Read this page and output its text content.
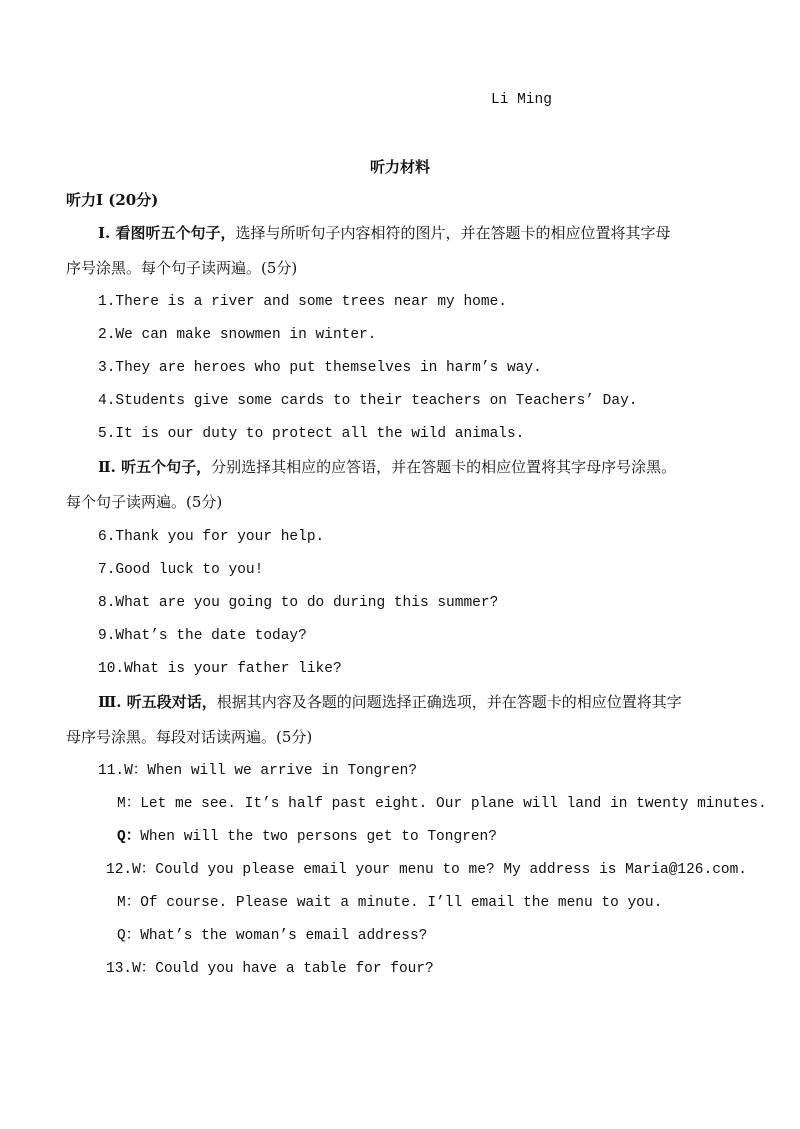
Li Ming
听力材料
听力Ⅰ (20分)
Ⅰ. 看图听五个句子，选择与所听句子内容相符的图片，并在答题卡的相应位置将其字母
序号涂黑。每个句子读两遍。(5分)
1.There is a river and some trees near my home.
2.We can make snowmen in winter.
3.They are heroes who put themselves in harm’s way.
4.Students give some cards to their teachers on Teachers’ Day.
5.It is our duty to protect all the wild animals.
Ⅱ. 听五个句子，分别选择其相应的应答语，并在答题卡的相应位置将其字母序号涂黑。
每个句子读两遍。(5分)
6.Thank you for your help.
7.Good luck to you!
8.What are you going to do during this summer?
9.What’s the date today?
10.What is your father like?
Ⅲ. 听五段对话，根据其内容及各题的问题选择正确选项，并在答题卡的相应位置将其字
母序号涂黑。每段对话读两遍。(5分)
11.W：When will we arrive in Tongren?
M：Let me see. It’s half past eight. Our plane will land in twenty minutes.
Q：When will the two persons get to Tongren?
12.W：Could you please email your menu to me? My address is Maria@126.com.
M：Of course. Please wait a minute. I’ll email the menu to you.
Q：What’s the woman’s email address?
13.W：Could you have a table for four?
